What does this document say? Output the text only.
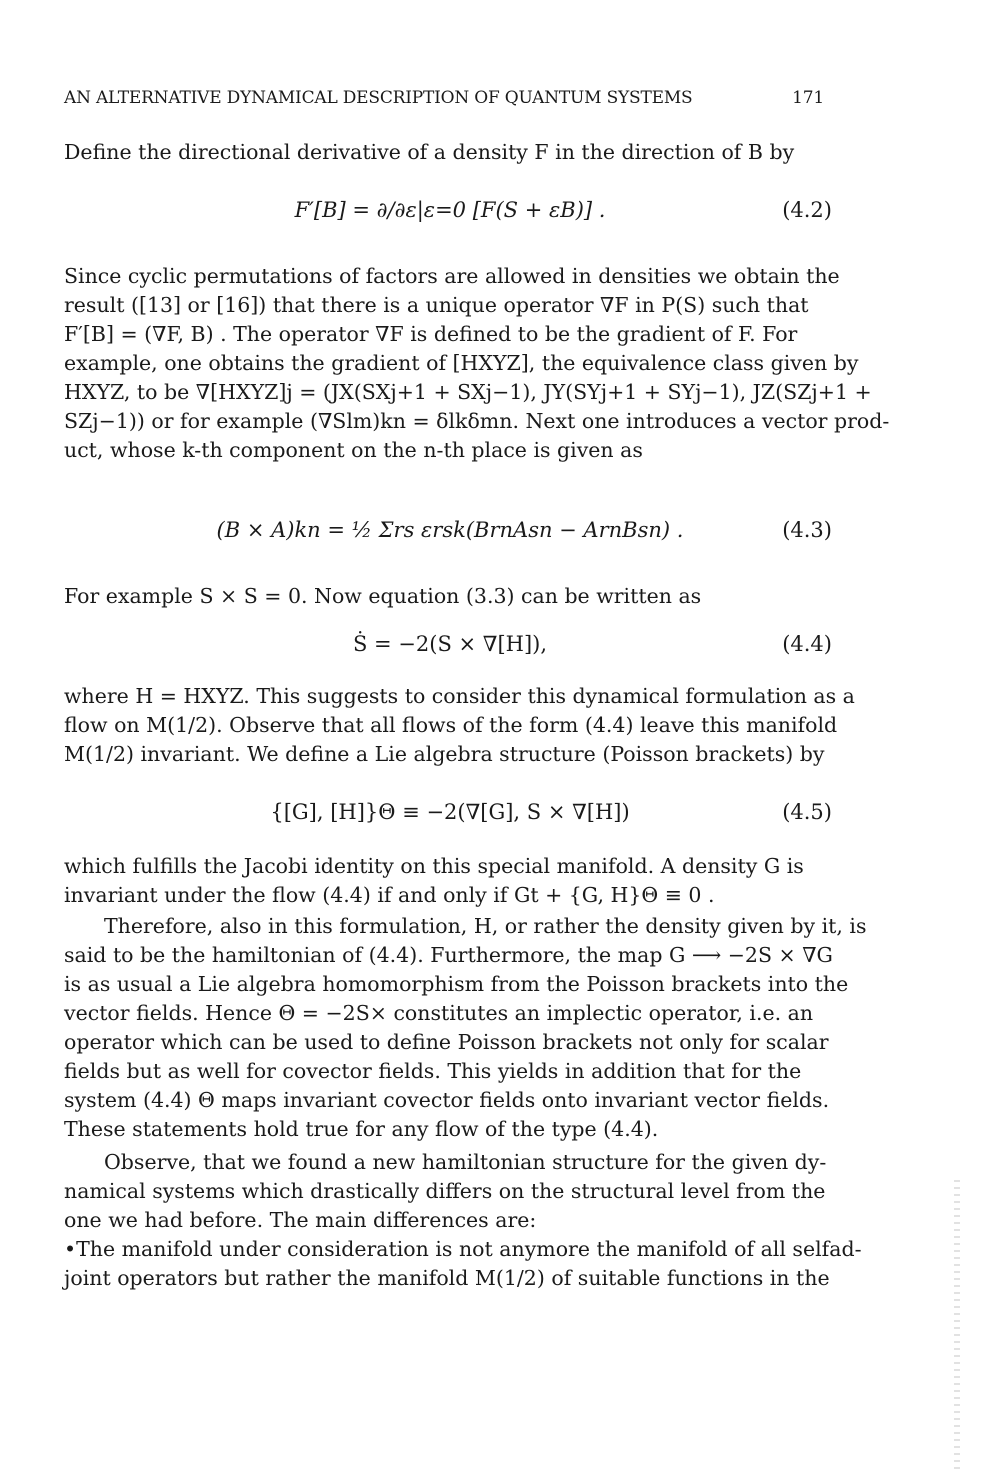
AN ALTERNATIVE DYNAMICAL DESCRIPTION OF QUANTUM SYSTEMS	171
Define the directional derivative of a density F in the direction of B by
F′[B] = ∂/∂ε|ε=0 [F(S + εB)] .	(4.2)
Since cyclic permutations of factors are allowed in densities we obtain the
result ([13] or [16]) that there is a unique operator ∇F in P(S) such that
F′[B] = (∇F, B) . The operator ∇F is defined to be the gradient of F. For
example, one obtains the gradient of [HXYZ], the equivalence class given by
HXYZ, to be ∇[HXYZ]j = (JX(SXj+1 + SXj−1), JY(SYj+1 + SYj−1), JZ(SZj+1 +
SZj−1)) or for example (∇Slm)kn = δlkδmn. Next one introduces a vector prod-
uct, whose k-th component on the n-th place is given as
(B × A)kn = ½ Σrs εrsk(BrnAsn − ArnBsn) .	(4.3)
For example S × S = 0. Now equation (3.3) can be written as
Ṡ = −2(S × ∇[H]),	(4.4)
where H = HXYZ. This suggests to consider this dynamical formulation as a
flow on M(1/2). Observe that all flows of the form (4.4) leave this manifold
M(1/2) invariant. We define a Lie algebra structure (Poisson brackets) by
{[G], [H]}Θ ≡ −2(∇[G], S × ∇[H])	(4.5)
which fulfills the Jacobi identity on this special manifold. A density G is
invariant under the flow (4.4) if and only if Gt + {G, H}Θ ≡ 0 .
Therefore, also in this formulation, H, or rather the density given by it, is
said to be the hamiltonian of (4.4). Furthermore, the map G ⟶ −2S × ∇G
is as usual a Lie algebra homomorphism from the Poisson brackets into the
vector fields. Hence Θ = −2S× constitutes an implectic operator, i.e. an
operator which can be used to define Poisson brackets not only for scalar
fields but as well for covector fields. This yields in addition that for the
system (4.4) Θ maps invariant covector fields onto invariant vector fields.
These statements hold true for any flow of the type (4.4).
Observe, that we found a new hamiltonian structure for the given dy-
namical systems which drastically differs on the structural level from the
one we had before. The main differences are:
•The manifold under consideration is not anymore the manifold of all selfad-
joint operators but rather the manifold M(1/2) of suitable functions in the
